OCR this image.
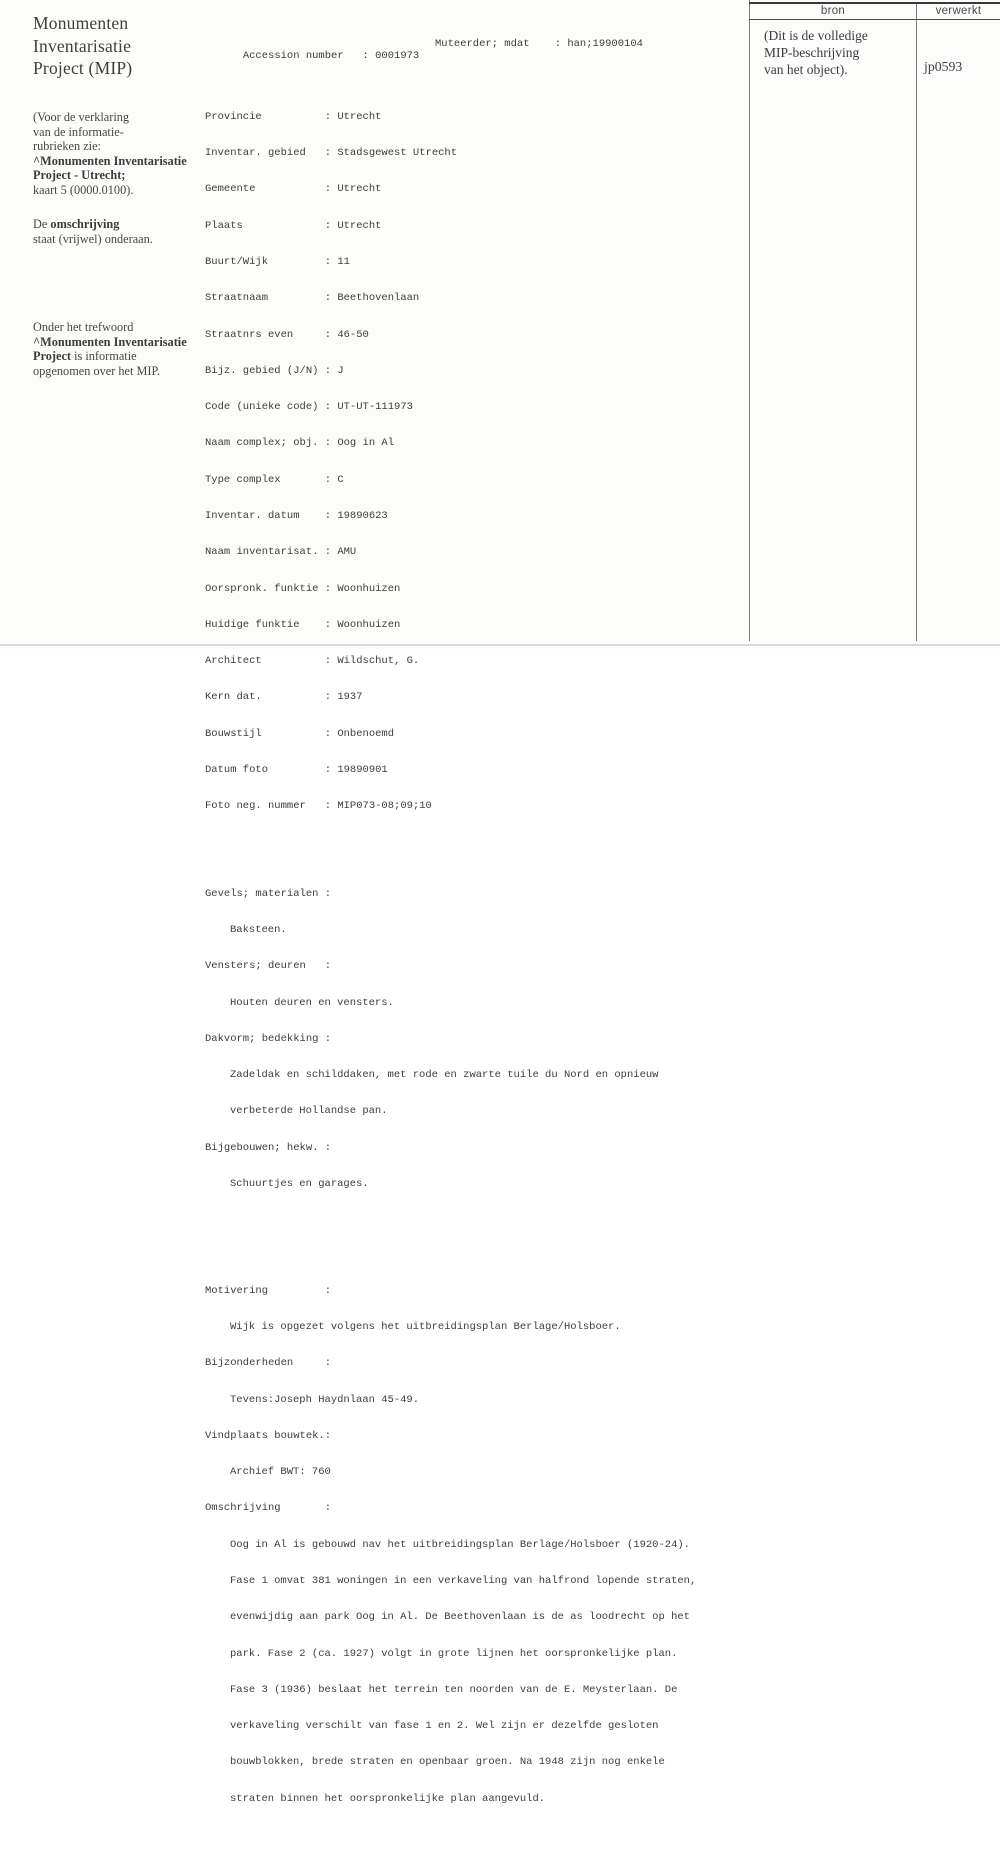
Monumenten
Inventarisatie
Project (MIP)
(Voor de verklaring
van de informatie-
rubrieken zie:
^Monumenten Inventarisatie
Project - Utrecht;
kaart 5 (0000.0100).
De omschrijving
staat (vrijwel) onderaan.
Onder het trefwoord
^Monumenten Inventarisatie
Project is informatie
opgenomen over het MIP.

Accession number : 0001973

Muteerder; mdat : han;19900104

Provincie	: Utrecht

Inventar. gebied : Stadsgewest Utrecht

Gemeente	: Utrecht

Plaats	: Utrecht

Buurt/Wijk	: 11

Straatnaam	: Beethovenlaan

Straatnrs even	: 46-50

Bijz. gebied (J/N) : J

Code (unieke code) : UT-UT-111973

Naam complex; obj. : Oog in Al

Type complex	: C

Inventar. datum : 19890623

Naam inventarisat. : AMU

Oorspronk. funktie : Woonhuizen

Huidige funktie : Woonhuizen

Architect	: Wildschut, G.

Kern dat.	: 1937

Bouwstijl	: Onbenoemd

Datum foto	: 19890901

Foto neg. nummer : MIP073-08;09;10

Gevels; materialen :

Baksteen.

Vensters; deuren   :

Houten deuren en vensters.

Dakvorm; bedekking :

Zadeldak en schilddaken, met rode en zwarte tuile du Nord en opnieuw

verbeterde Hollandse pan.

Bijgebouwen; hekw. :

Schuurtjes en garages.

Motivering         :

Wijk is opgezet volgens het uitbreidingsplan Berlage/Holsboer.

Bijzonderheden     :

Tevens:Joseph Haydnlaan 45-49.

Vindplaats bouwtek.:

Archief BWT: 760

Omschrijving       :

Oog in Al is gebouwd nav het uitbreidingsplan Berlage/Holsboer (1920-24).

Fase 1 omvat 381 woningen in een verkaveling van halfrond lopende straten,

evenwijdig aan park Oog in Al. De Beethovenlaan is de as loodrecht op het

park. Fase 2 (ca. 1927) volgt in grote lijnen het oorspronkelijke plan.

Fase 3 (1936) beslaat het terrein ten noorden van de E. Meysterlaan. De

verkaveling verschilt van fase 1 en 2. Wel zijn er dezelfde gesloten

bouwblokken, brede straten en openbaar groen. Na 1948 zijn nog enkele

straten binnen het oorspronkelijke plan aangevuld.

bron	verwerkt
(Dit is de volledige
MIP-beschrijving
van het object).	jp0593
